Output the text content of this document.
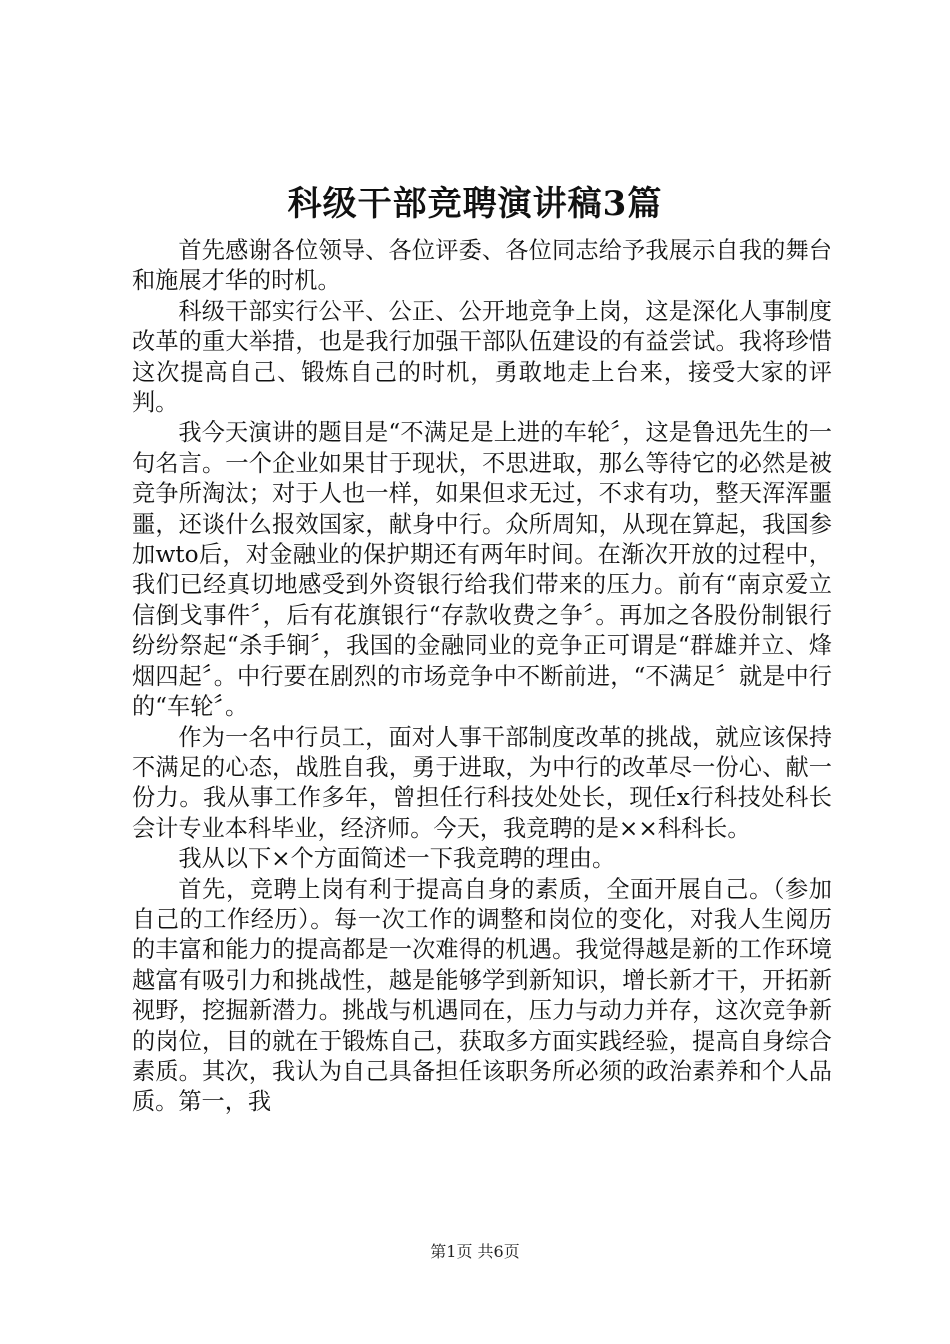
科级干部竞聘演讲稿3篇

首先感谢各位领导、各位评委、各位同志给予我展示自我的舞台和施展才华的时机。

科级干部实行公平、公正、公开地竞争上岗，这是深化人事制度改革的重大举措，也是我行加强干部队伍建设的有益尝试。我将珍惜这次提高自己、锻炼自己的时机，勇敢地走上台来，接受大家的评判。

我今天演讲的题目是“不满足是上进的车轮〞，这是鲁迅先生的一句名言。一个企业如果甘于现状，不思进取，那么等待它的必然是被竞争所淘汰；对于人也一样，如果但求无过，不求有功，整天浑浑噩噩，还谈什么报效国家，献身中行。众所周知，从现在算起，我国参加wto后，对金融业的保护期还有两年时间。在渐次开放的过程中，我们已经真切地感受到外资银行给我们带来的压力。前有“南京爱立信倒戈事件〞，后有花旗银行“存款收费之争〞。再加之各股份制银行纷纷祭起“杀手锏〞，我国的金融同业的竞争正可谓是“群雄并立、烽烟四起〞。中行要在剧烈的市场竞争中不断前进，“不满足〞就是中行的“车轮〞。

作为一名中行员工，面对人事干部制度改革的挑战，就应该保持不满足的心态，战胜自我，勇于进取，为中行的改革尽一份心、献一份力。我从事工作多年，曾担任行科技处处长，现任x行科技处科长会计专业本科毕业，经济师。今天，我竞聘的是××科科长。

我从以下×个方面简述一下我竞聘的理由。

首先，竞聘上岗有利于提高自身的素质，全面开展自己。（参加自己的工作经历）。每一次工作的调整和岗位的变化，对我人生阅历的丰富和能力的提高都是一次难得的机遇。我觉得越是新的工作环境越富有吸引力和挑战性，越是能够学到新知识，增长新才干，开拓新视野，挖掘新潜力。挑战与机遇同在，压力与动力并存，这次竞争新的岗位，目的就在于锻炼自己，获取多方面实践经验，提高自身综合素质。其次，我认为自己具备担任该职务所必须的政治素养和个人品质。第一，我

第1页 共6页
